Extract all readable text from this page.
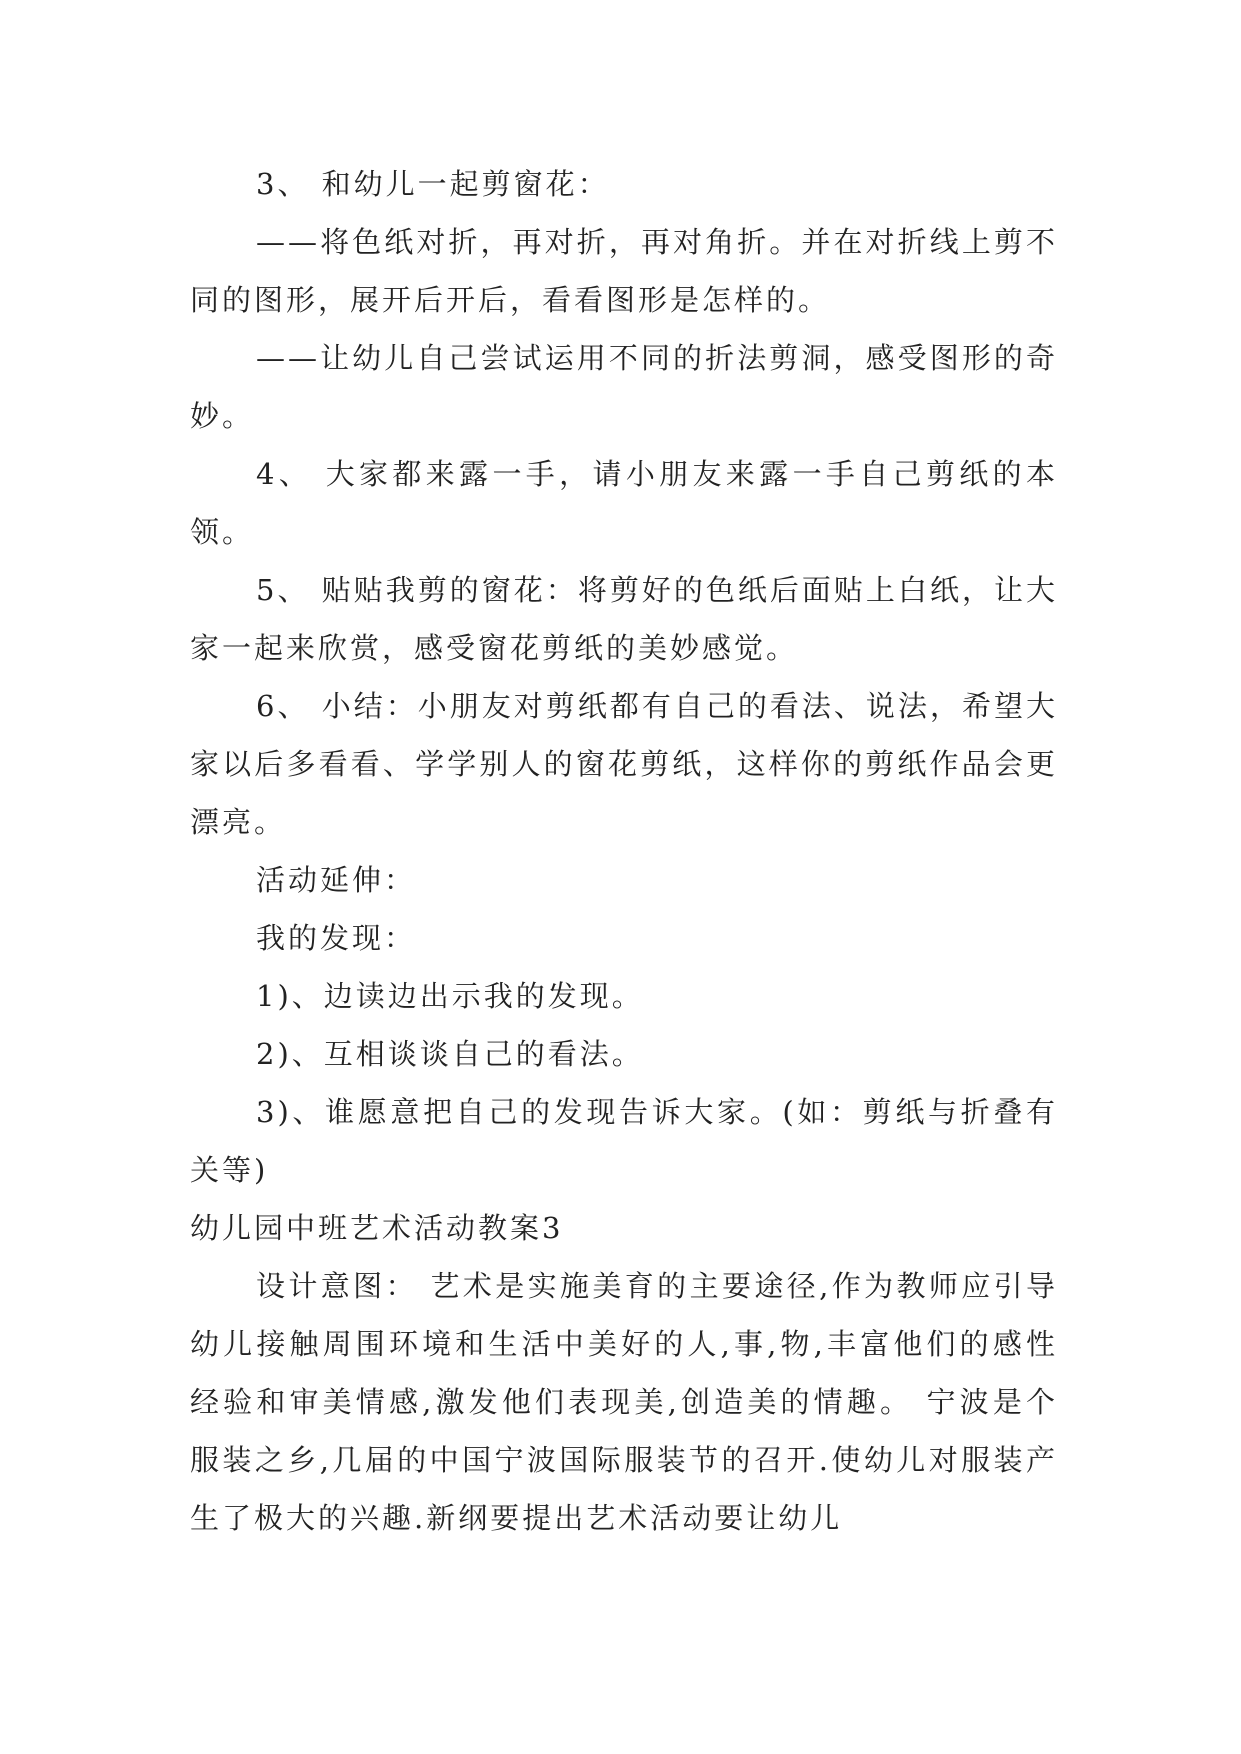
3、 和幼儿一起剪窗花：

——将色纸对折，再对折，再对角折。并在对折线上剪不同的图形，展开后开后，看看图形是怎样的。

——让幼儿自己尝试运用不同的折法剪洞，感受图形的奇妙。

4、 大家都来露一手，请小朋友来露一手自己剪纸的本领。

5、 贴贴我剪的窗花：将剪好的色纸后面贴上白纸，让大家一起来欣赏，感受窗花剪纸的美妙感觉。

6、 小结：小朋友对剪纸都有自己的看法、说法，希望大家以后多看看、学学别人的窗花剪纸，这样你的剪纸作品会更漂亮。

活动延伸：

我的发现：

1)、边读边出示我的发现。

2)、互相谈谈自己的看法。

3)、谁愿意把自己的发现告诉大家。(如：剪纸与折叠有关等)

幼儿园中班艺术活动教案3

设计意图： 艺术是实施美育的主要途径,作为教师应引导幼儿接触周围环境和生活中美好的人,事,物,丰富他们的感性经验和审美情感,激发他们表现美,创造美的情趣。 宁波是个服装之乡,几届的中国宁波国际服装节的召开.使幼儿对服装产生了极大的兴趣.新纲要提出艺术活动要让幼儿
